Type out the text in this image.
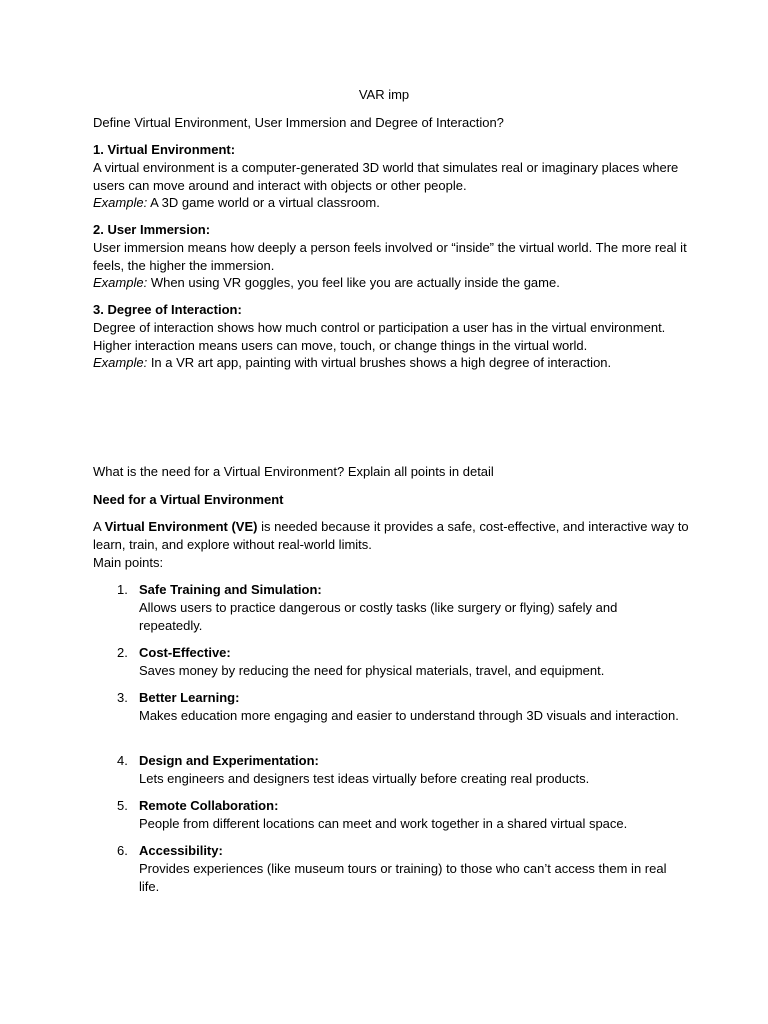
VAR imp
Define Virtual Environment, User Immersion and Degree of Interaction?

1. Virtual Environment:

A virtual environment is a computer-generated 3D world that simulates real or imaginary places where users can move around and interact with objects or other people.

Example: A 3D game world or a virtual classroom.

2. User Immersion:

User immersion means how deeply a person feels involved or “inside” the virtual world. The more real it feels, the higher the immersion.

Example: When using VR goggles, you feel like you are actually inside the game.

3. Degree of Interaction:

Degree of interaction shows how much control or participation a user has in the virtual environment. Higher interaction means users can move, touch, or change things in the virtual world.

Example: In a VR art app, painting with virtual brushes shows a high degree of interaction.

What is the need for a Virtual Environment? Explain all points in detail
Need for a Virtual Environment

A Virtual Environment (VE) is needed because it provides a safe, cost-effective, and interactive way to learn, train, and explore without real-world limits.

Main points:

1. Safe Training and Simulation:

Allows users to practice dangerous or costly tasks (like surgery or flying) safely and repeatedly.

2. Cost-Effective:

Saves money by reducing the need for physical materials, travel, and equipment.

3. Better Learning:

Makes education more engaging and easier to understand through 3D visuals and interaction.

4. Design and Experimentation:

Lets engineers and designers test ideas virtually before creating real products.

5. Remote Collaboration:

People from different locations can meet and work together in a shared virtual space.

6. Accessibility:

Provides experiences (like museum tours or training) to those who can’t access them in real life.
